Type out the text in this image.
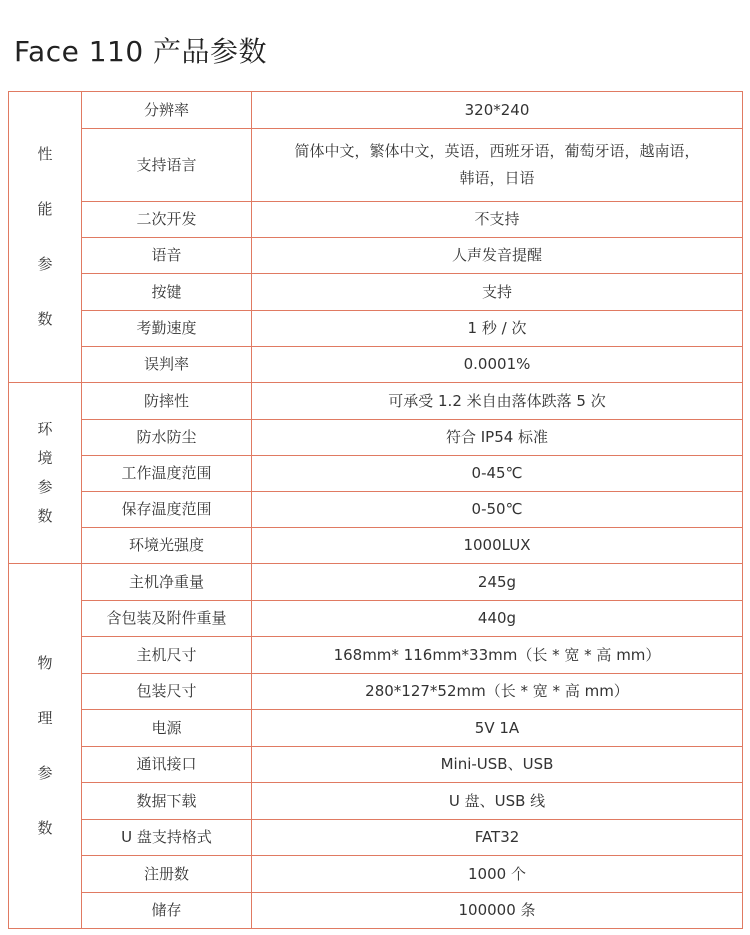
Face 110 产品参数
性
能
参
数	分辨率	320*240
	支持语言	简体中文，繁体中文，英语，西班牙语，葡萄牙语，越南语，韩语，日语
	二次开发	不支持
	语音	人声发音提醒
	按键	支持
	考勤速度	1 秒 / 次
	误判率	0.0001%

环
境
参
数	防摔性	可承受 1.2 米自由落体跌落 5 次
	防水防尘	符合 IP54 标准
	工作温度范围	0-45℃
	保存温度范围	0-50℃
	环境光强度	1000LUX

物
理
参
数	主机净重量	245g
	含包装及附件重量	440g
	主机尺寸	168mm* 116mm*33mm（长 * 宽 * 高 mm）
	包装尺寸	280*127*52mm（长 * 宽 * 高 mm）
	电源	5V 1A
	通讯接口	Mini-USB、USB
	数据下载	U 盘、USB 线
	U 盘支持格式	FAT32
	注册数	1000 个
	储存	100000 条
